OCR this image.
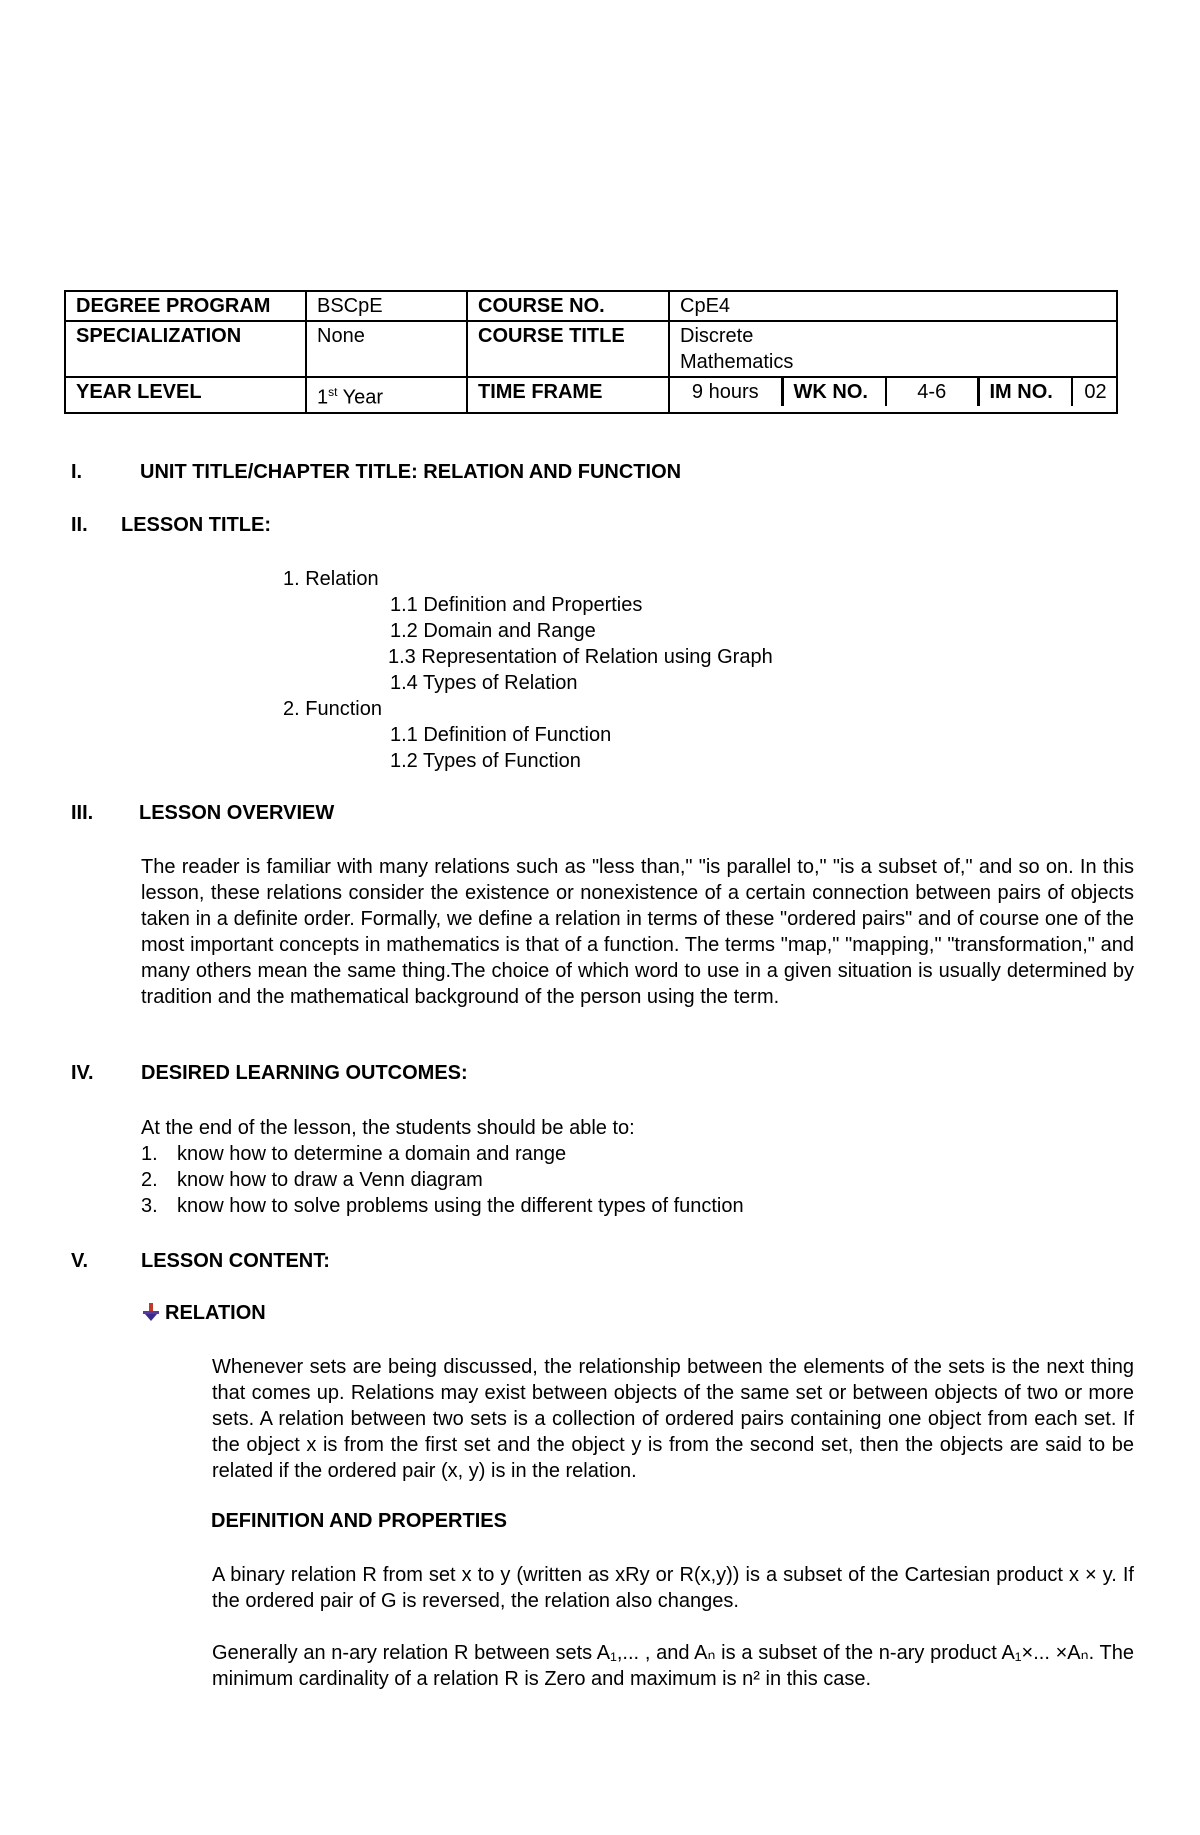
DEGREE PROGRAM	BSCpE	COURSE NO.	CpE4
SPECIALIZATION	None	COURSE TITLE	Discrete
Mathematics

YEAR LEVEL	1st Year	TIME FRAME		9 hours	WK NO.	4-6	IM NO.	02
I.	UNIT TITLE/CHAPTER TITLE: RELATION AND FUNCTION
II. LESSON TITLE:
1. Relation
1.1 Definition and Properties
1.2 Domain and Range
1.3 Representation of Relation using Graph
1.4 Types of Relation
2. Function
1.1 Definition of Function
1.2 Types of Function
III. LESSON OVERVIEW
The reader is familiar with many relations such as "less than," "is parallel to," "is a subset of," and so on. In this lesson, these relations consider the existence or nonexistence of a certain connection between pairs of objects taken in a definite order. Formally, we define a relation in terms of these "ordered pairs" and of course one of the most important concepts in mathematics is that of a function. The terms "map," "mapping," "transformation," and many others mean the same thing.The choice of which word to use in a given situation is usually determined by tradition and the mathematical background of the person using the term.
IV. DESIRED LEARNING OUTCOMES:
At the end of the lesson, the students should be able to:
1. know how to determine a domain and range
2. know how to draw a Venn diagram
3. know how to solve problems using the different types of function
V.	LESSON CONTENT:
RELATION
Whenever sets are being discussed, the relationship between the elements of the sets is the next thing that comes up. Relations may exist between objects of the same set or between objects of two or more sets. A relation between two sets is a collection of ordered pairs containing one object from each set. If the object x is from the first set and the object y is from the second set, then the objects are said to be related if the ordered pair (x, y) is in the relation.
DEFINITION AND PROPERTIES
A binary relation R from set x to y (written as xRy or R(x,y)) is a subset of the Cartesian product x × y. If the ordered pair of G is reversed, the relation also changes.
Generally an n-ary relation R between sets A₁,... , and Aₙ is a subset of the n-ary product A₁×... ×Aₙ. The minimum cardinality of a relation R is Zero and maximum is n² in this case.
